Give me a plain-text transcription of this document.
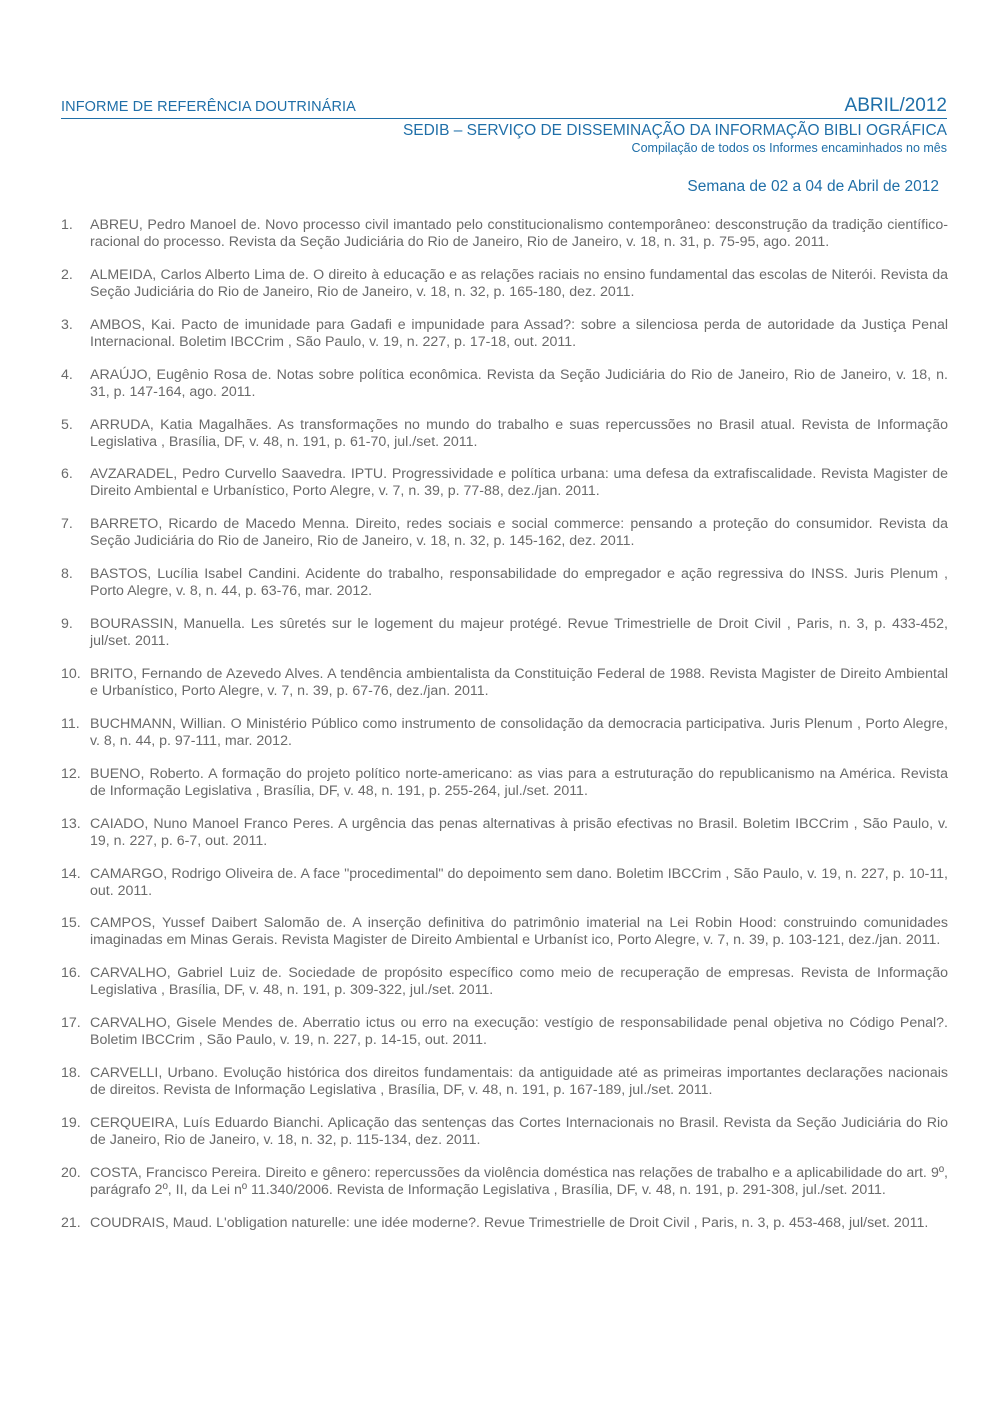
INFORME DE REFERÊNCIA DOUTRINÁRIA	ABRIL/2012
SEDIB – SERVIÇO DE DISSEMINAÇÃO DA INFORMAÇÃO BIBLI OGRÁFICA
Compilação de todos os Informes encaminhados no mês
Semana de 02 a 04 de Abril de 2012
1. ABREU, Pedro Manoel de. Novo processo civil imantado pelo constitucionalismo contemporâneo: desconstrução da tradição científico-racional do processo. Revista da Seção Judiciária do Rio de Janeiro, Rio de Janeiro, v. 18, n. 31, p. 75-95, ago. 2011.
2. ALMEIDA, Carlos Alberto Lima de. O direito à educação e as relações raciais no ensino fundamental das escolas de Niterói. Revista da Seção Judiciária do Rio de Janeiro, Rio de Janeiro, v. 18, n. 32, p. 165-180, dez. 2011.
3. AMBOS, Kai. Pacto de imunidade para Gadafi e impunidade para Assad?: sobre a silenciosa perda de autoridade da Justiça Penal Internacional. Boletim IBCCrim , São Paulo, v. 19, n. 227, p. 17-18, out. 2011.
4. ARAÚJO, Eugênio Rosa de. Notas sobre política econômica. Revista da Seção Judiciária do Rio de Janeiro, Rio de Janeiro, v. 18, n. 31, p. 147-164, ago. 2011.
5. ARRUDA, Katia Magalhães. As transformações no mundo do trabalho e suas repercussões no Brasil atual. Revista de Informação Legislativa , Brasília, DF, v. 48, n. 191, p. 61-70, jul./set. 2011.
6. AVZARADEL, Pedro Curvello Saavedra. IPTU. Progressividade e política urbana: uma defesa da extrafiscalidade. Revista Magister de Direito Ambiental e Urbanístico, Porto Alegre, v. 7, n. 39, p. 77-88, dez./jan. 2011.
7. BARRETO, Ricardo de Macedo Menna. Direito, redes sociais e social commerce: pensando a proteção do consumidor. Revista da Seção Judiciária do Rio de Janeiro, Rio de Janeiro, v. 18, n. 32, p. 145-162, dez. 2011.
8. BASTOS, Lucília Isabel Candini. Acidente do trabalho, responsabilidade do empregador e ação regressiva do INSS. Juris Plenum , Porto Alegre, v. 8, n. 44, p. 63-76, mar. 2012.
9. BOURASSIN, Manuella. Les sûretés sur le logement du majeur protégé. Revue Trimestrielle de Droit Civil , Paris, n. 3, p. 433-452, jul/set. 2011.
10. BRITO, Fernando de Azevedo Alves. A tendência ambientalista da Constituição Federal de 1988. Revista Magister de Direito Ambiental e Urbanístico, Porto Alegre, v. 7, n. 39, p. 67-76, dez./jan. 2011.
11. BUCHMANN, Willian. O Ministério Público como instrumento de consolidação da democracia participativa. Juris Plenum , Porto Alegre, v. 8, n. 44, p. 97-111, mar. 2012.
12. BUENO, Roberto. A formação do projeto político norte-americano: as vias para a estruturação do republicanismo na América. Revista de Informação Legislativa , Brasília, DF, v. 48, n. 191, p. 255-264, jul./set. 2011.
13. CAIADO, Nuno Manoel Franco Peres. A urgência das penas alternativas à prisão efectivas no Brasil. Boletim IBCCrim , São Paulo, v. 19, n. 227, p. 6-7, out. 2011.
14. CAMARGO, Rodrigo Oliveira de. A face "procedimental" do depoimento sem dano. Boletim IBCCrim , São Paulo, v. 19, n. 227, p. 10-11, out. 2011.
15. CAMPOS, Yussef Daibert Salomão de. A inserção definitiva do patrimônio imaterial na Lei Robin Hood: construindo comunidades imaginadas em Minas Gerais. Revista Magister de Direito Ambiental e Urbaníst ico, Porto Alegre, v. 7, n. 39, p. 103-121, dez./jan. 2011.
16. CARVALHO, Gabriel Luiz de. Sociedade de propósito específico como meio de recuperação de empresas. Revista de Informação Legislativa , Brasília, DF, v. 48, n. 191, p. 309-322, jul./set. 2011.
17. CARVALHO, Gisele Mendes de. Aberratio ictus ou erro na execução: vestígio de responsabilidade penal objetiva no Código Penal?. Boletim IBCCrim , São Paulo, v. 19, n. 227, p. 14-15, out. 2011.
18. CARVELLI, Urbano. Evolução histórica dos direitos fundamentais: da antiguidade até as primeiras importantes declarações nacionais de direitos. Revista de Informação Legislativa , Brasília, DF, v. 48, n. 191, p. 167-189, jul./set. 2011.
19. CERQUEIRA, Luís Eduardo Bianchi. Aplicação das sentenças das Cortes Internacionais no Brasil. Revista da Seção Judiciária do Rio de Janeiro, Rio de Janeiro, v. 18, n. 32, p. 115-134, dez. 2011.
20. COSTA, Francisco Pereira. Direito e gênero: repercussões da violência doméstica nas relações de trabalho e a aplicabilidade do art. 9º, parágrafo 2º, II, da Lei nº 11.340/2006. Revista de Informação Legislativa , Brasília, DF, v. 48, n. 191, p. 291-308, jul./set. 2011.
21. COUDRAIS, Maud. L'obligation naturelle: une idée moderne?. Revue Trimestrielle de Droit Civil , Paris, n. 3, p. 453-468, jul/set. 2011.
